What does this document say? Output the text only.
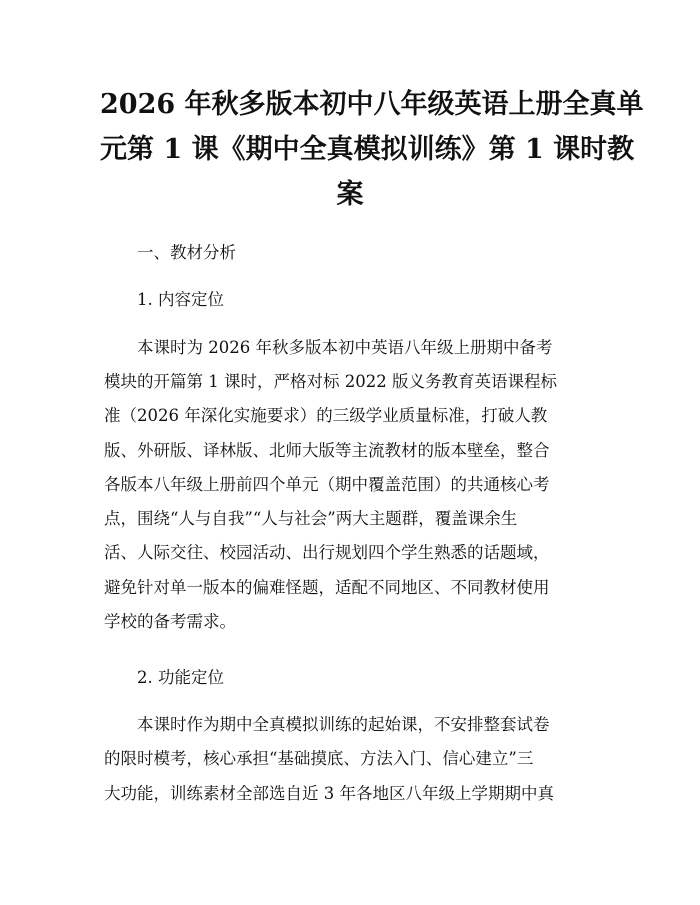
2026 年秋多版本初中八年级英语上册全真单
元第 1 课《期中全真模拟训练》第 1 课时教
案

一、教材分析

1. 内容定位

本课时为 2026 年秋多版本初中英语八年级上册期中备考

模块的开篇第 1 课时，严格对标 2022 版义务教育英语课程标

准（2026 年深化实施要求）的三级学业质量标准，打破人教

版、外研版、译林版、北师大版等主流教材的版本壁垒，整合

各版本八年级上册前四个单元（期中覆盖范围）的共通核心考

点，围绕“人与自我”“人与社会”两大主题群，覆盖课余生

活、人际交往、校园活动、出行规划四个学生熟悉的话题域，

避免针对单一版本的偏难怪题，适配不同地区、不同教材使用

学校的备考需求。

2. 功能定位

本课时作为期中全真模拟训练的起始课，不安排整套试卷

的限时模考，核心承担“基础摸底、方法入门、信心建立”三

大功能，训练素材全部选自近 3 年各地区八年级上学期期中真
